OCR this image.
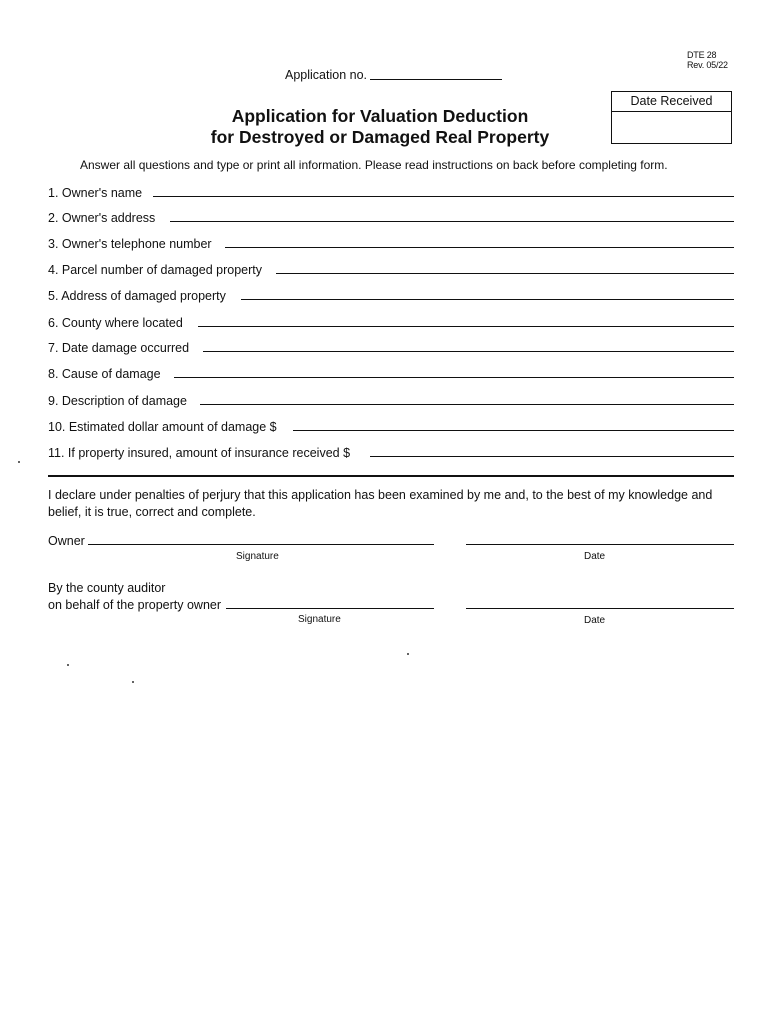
DTE 28
Rev. 05/22
Application no.
Application for Valuation Deduction
for Destroyed or Damaged Real Property
Date Received
Answer all questions and type or print all information. Please read instructions on back before completing form.
1. Owner's name
2. Owner's address
3. Owner's telephone number
4. Parcel number of damaged property
5. Address of damaged property
6. County where located
7. Date damage occurred
8. Cause of damage
9. Description of damage
10. Estimated dollar amount of damage $
11. If property insured, amount of insurance received $
I declare under penalties of perjury that this application has been examined by me and, to the best of my knowledge and belief, it is true, correct and complete.
Owner
Signature	Date
By the county auditor
on behalf of the property owner
Signature	Date
